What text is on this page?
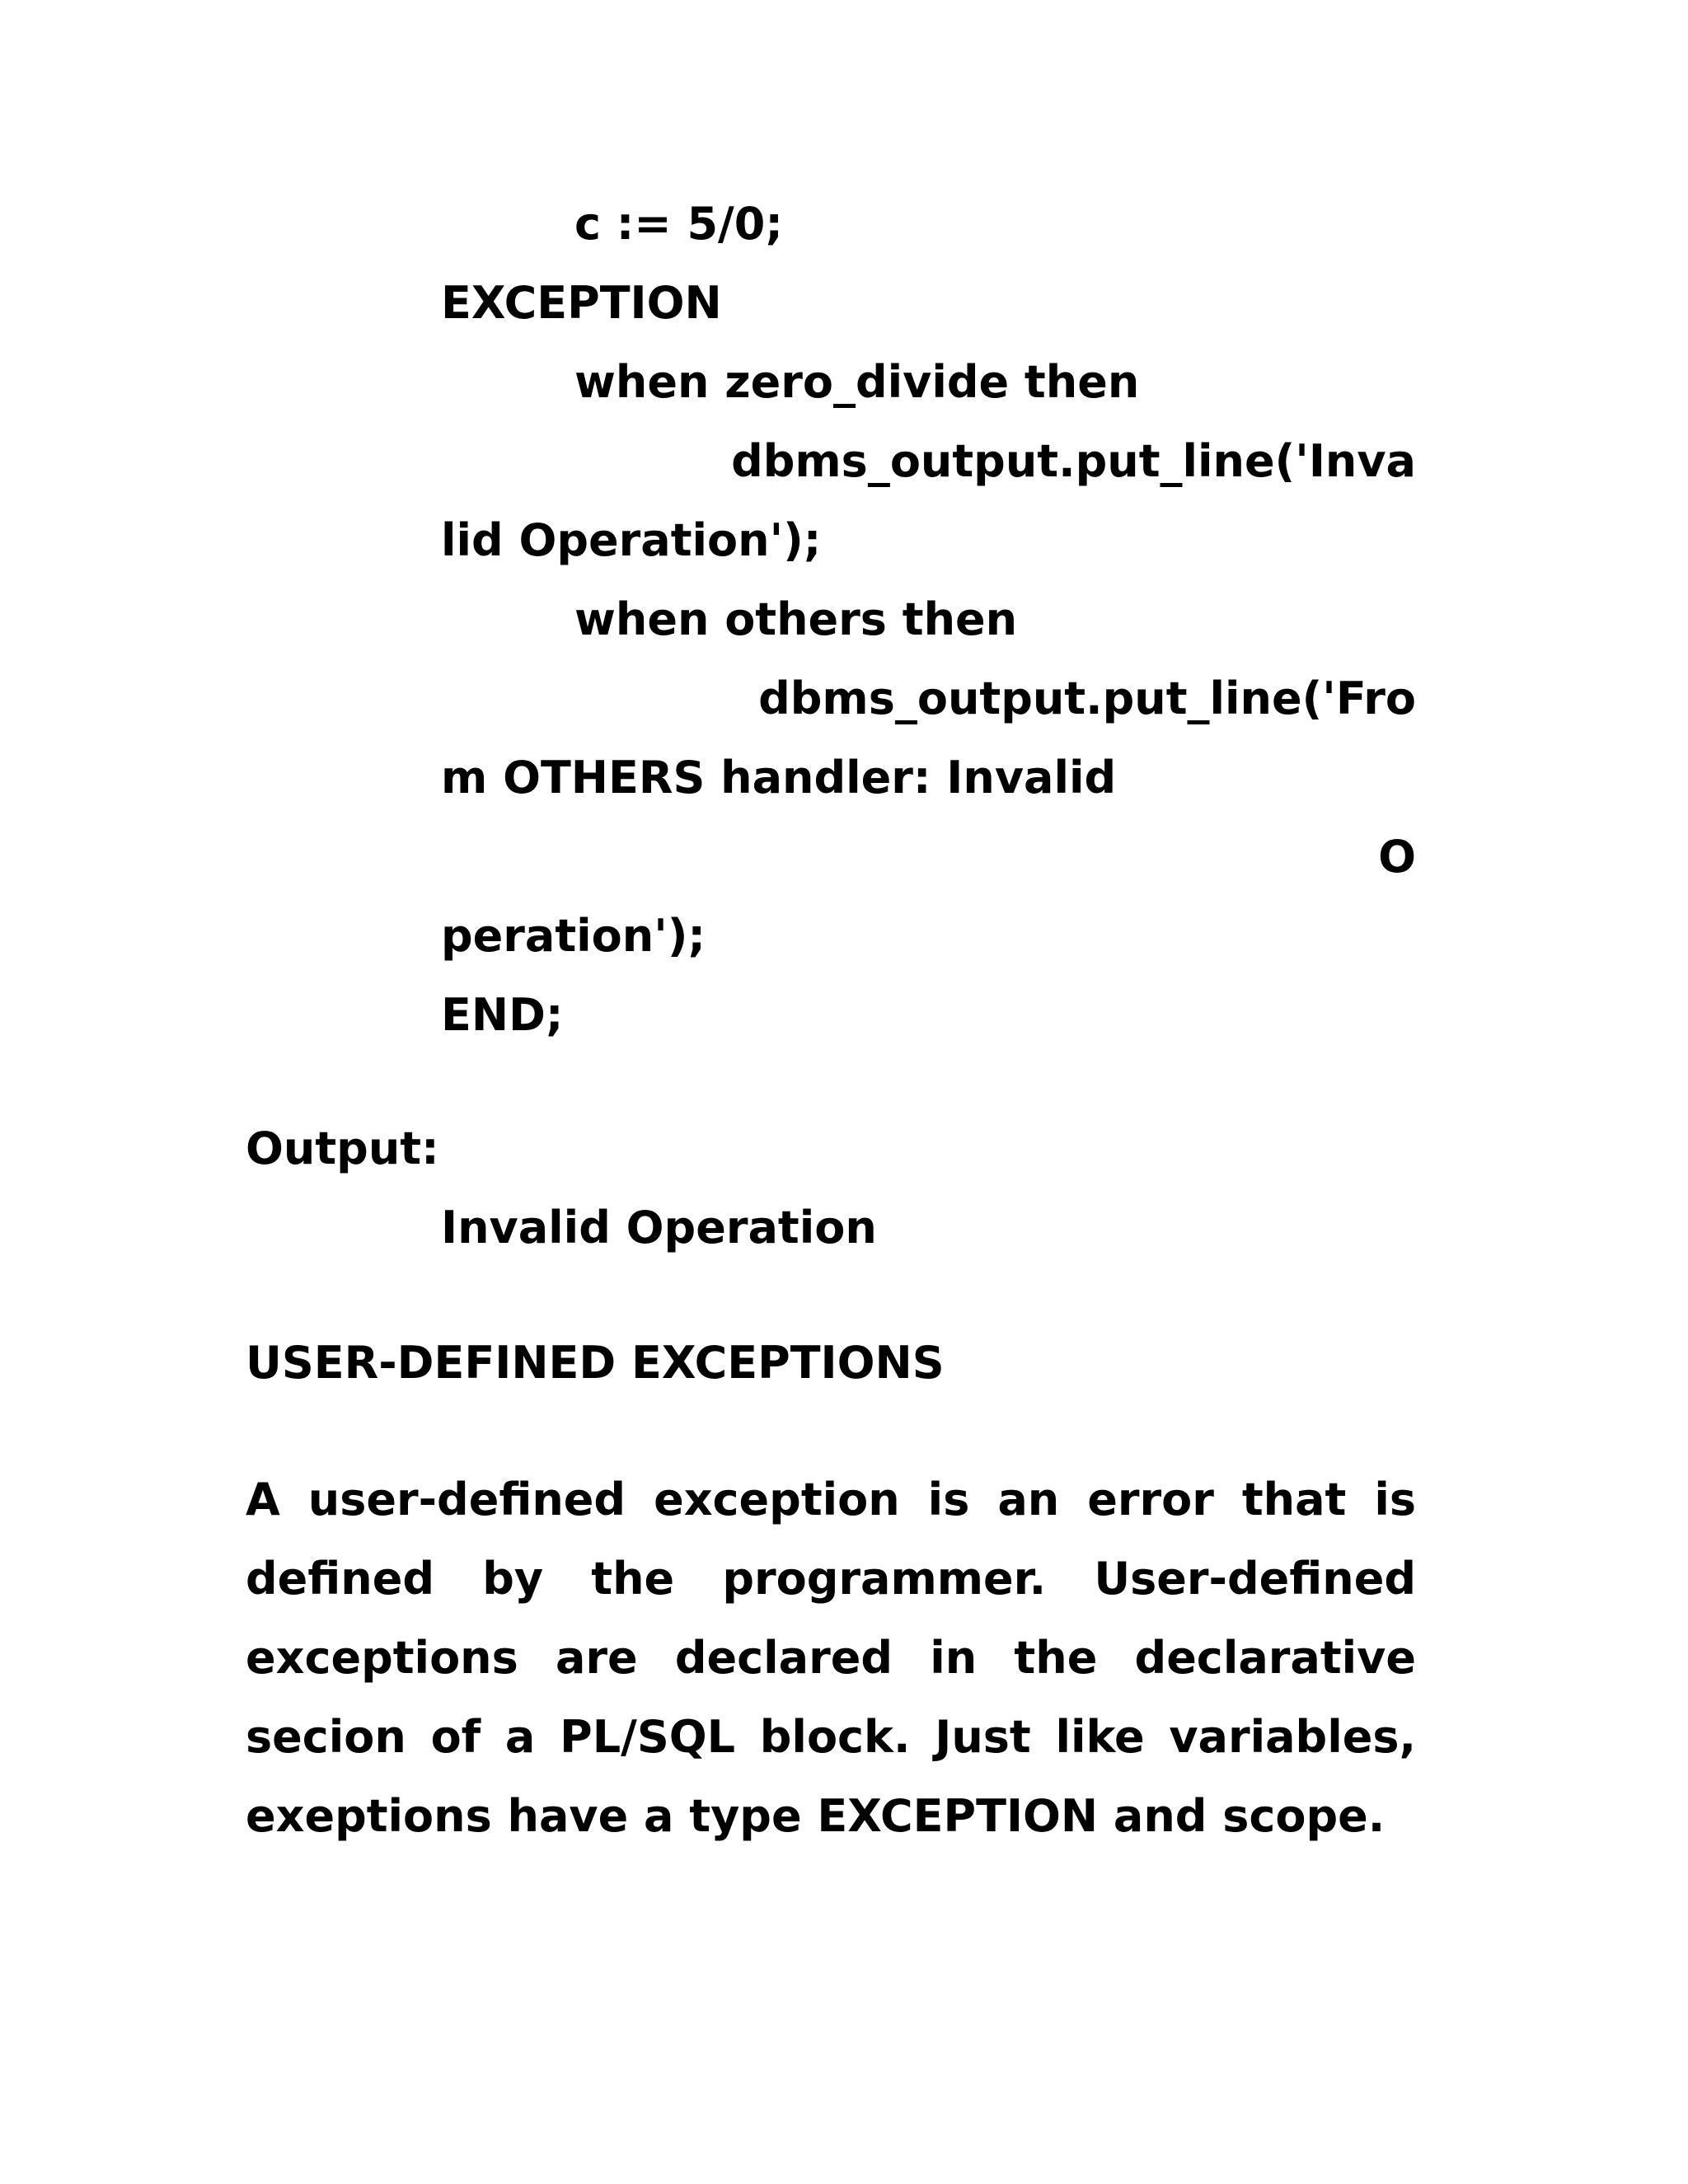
c := 5/0;
EXCEPTION
when zero_divide then
dbms_output.put_line('Inva
lid Operation');
when others then
dbms_output.put_line('Fro
m OTHERS handler: Invalid
O
peration');
END;
Output:
Invalid Operation
USER-DEFINED EXCEPTIONS
A user-defined exception is an error that is defined by the programmer. User-defined exceptions are declared in the declarative secion of a PL/SQL block. Just like variables, exeptions have a type EXCEPTION and scope.
